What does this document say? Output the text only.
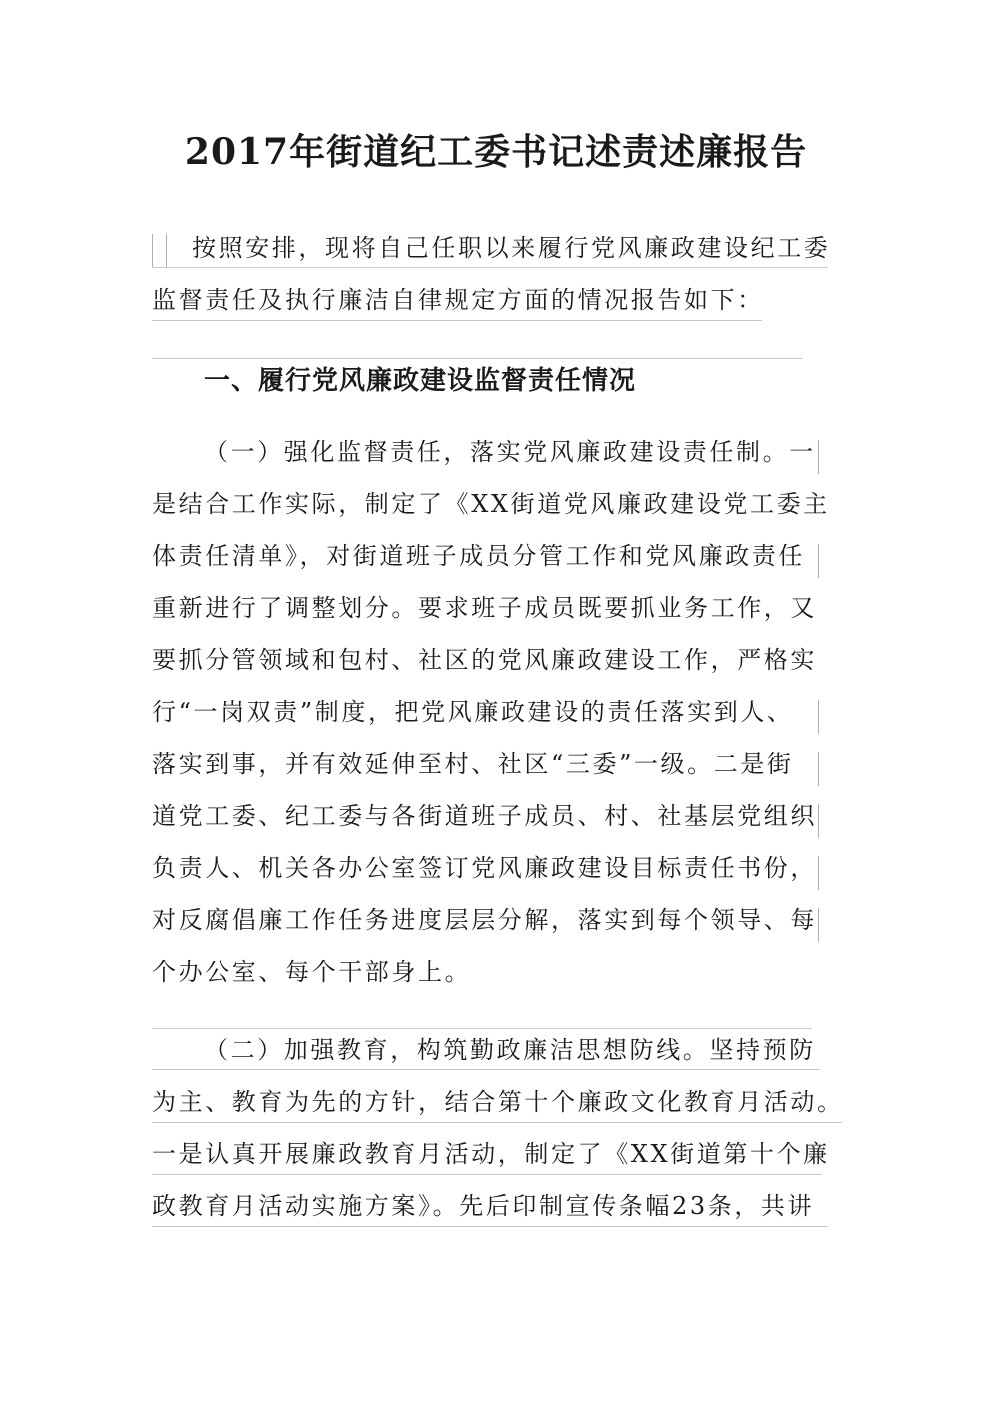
2017年街道纪工委书记述责述廉报告
按照安排，现将自己任职以来履行党风廉政建设纪工委
监督责任及执行廉洁自律规定方面的情况报告如下：
一、履行党风廉政建设监督责任情况
（一）强化监督责任，落实党风廉政建设责任制。一
是结合工作实际，制定了《XX街道党风廉政建设党工委主
体责任清单》，对街道班子成员分管工作和党风廉政责任
重新进行了调整划分。要求班子成员既要抓业务工作，又
要抓分管领域和包村、社区的党风廉政建设工作，严格实
行“一岗双责”制度，把党风廉政建设的责任落实到人、
落实到事，并有效延伸至村、社区“三委”一级。二是街
道党工委、纪工委与各街道班子成员、村、社基层党组织
负责人、机关各办公室签订党风廉政建设目标责任书份，
对反腐倡廉工作任务进度层层分解，落实到每个领导、每
个办公室、每个干部身上。
（二）加强教育，构筑勤政廉洁思想防线。坚持预防
为主、教育为先的方针，结合第十个廉政文化教育月活动。
一是认真开展廉政教育月活动，制定了《XX街道第十个廉
政教育月活动实施方案》。先后印制宣传条幅23条，共讲
